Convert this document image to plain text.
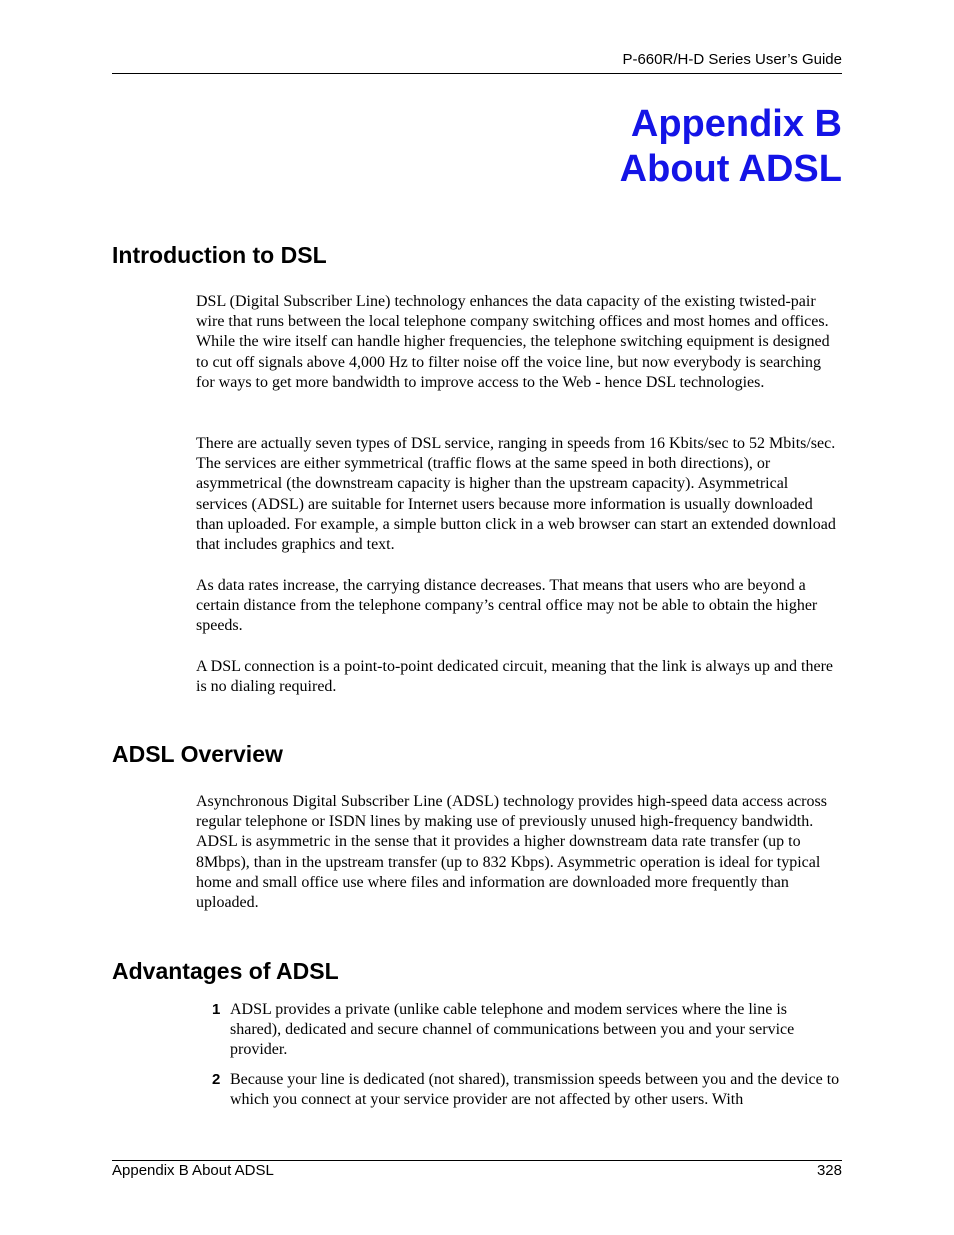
P-660R/H-D Series User’s Guide
Appendix B
About ADSL
Introduction to DSL

DSL (Digital Subscriber Line) technology enhances the data capacity of the existing twisted-pair wire that runs between the local telephone company switching offices and most homes and offices. While the wire itself can handle higher frequencies, the telephone switching equipment is designed to cut off signals above 4,000 Hz to filter noise off the voice line, but now everybody is searching for ways to get more bandwidth to improve access to the Web - hence DSL technologies.

There are actually seven types of DSL service, ranging in speeds from 16 Kbits/sec to 52 Mbits/sec. The services are either symmetrical (traffic flows at the same speed in both directions), or asymmetrical (the downstream capacity is higher than the upstream capacity). Asymmetrical services (ADSL) are suitable for Internet users because more information is usually downloaded than uploaded. For example, a simple button click in a web browser can start an extended download that includes graphics and text.

As data rates increase, the carrying distance decreases. That means that users who are beyond a certain distance from the telephone company’s central office may not be able to obtain the higher speeds.

A DSL connection is a point-to-point dedicated circuit, meaning that the link is always up and there is no dialing required.

ADSL Overview

Asynchronous Digital Subscriber Line (ADSL) technology provides high-speed data access across regular telephone or ISDN lines by making use of previously unused high-frequency bandwidth. ADSL is asymmetric in the sense that it provides a higher downstream data rate transfer (up to 8Mbps), than in the upstream transfer (up to 832 Kbps). Asymmetric operation is ideal for typical home and small office use where files and information are downloaded more frequently than uploaded.

Advantages of ADSL
1 ADSL provides a private (unlike cable telephone and modem services where the line is shared), dedicated and secure channel of communications between you and your service provider.
2 Because your line is dedicated (not shared), transmission speeds between you and the device to which you connect at your service provider are not affected by other users. With
Appendix B About ADSL	328
